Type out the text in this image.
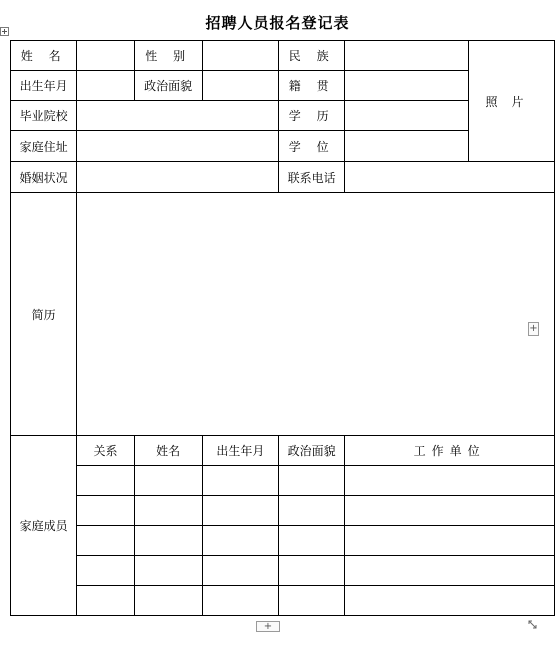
招聘人员报名登记表
姓 名		性 别		民 族		照片
出生年月		政治面貌		籍 贯		
毕业院校				学 历		
家庭住址				学 位		
婚姻状况				联系电话		
简历						
家庭成员	关系	姓名	出生年月	政治面貌	工作单位	

+
+
